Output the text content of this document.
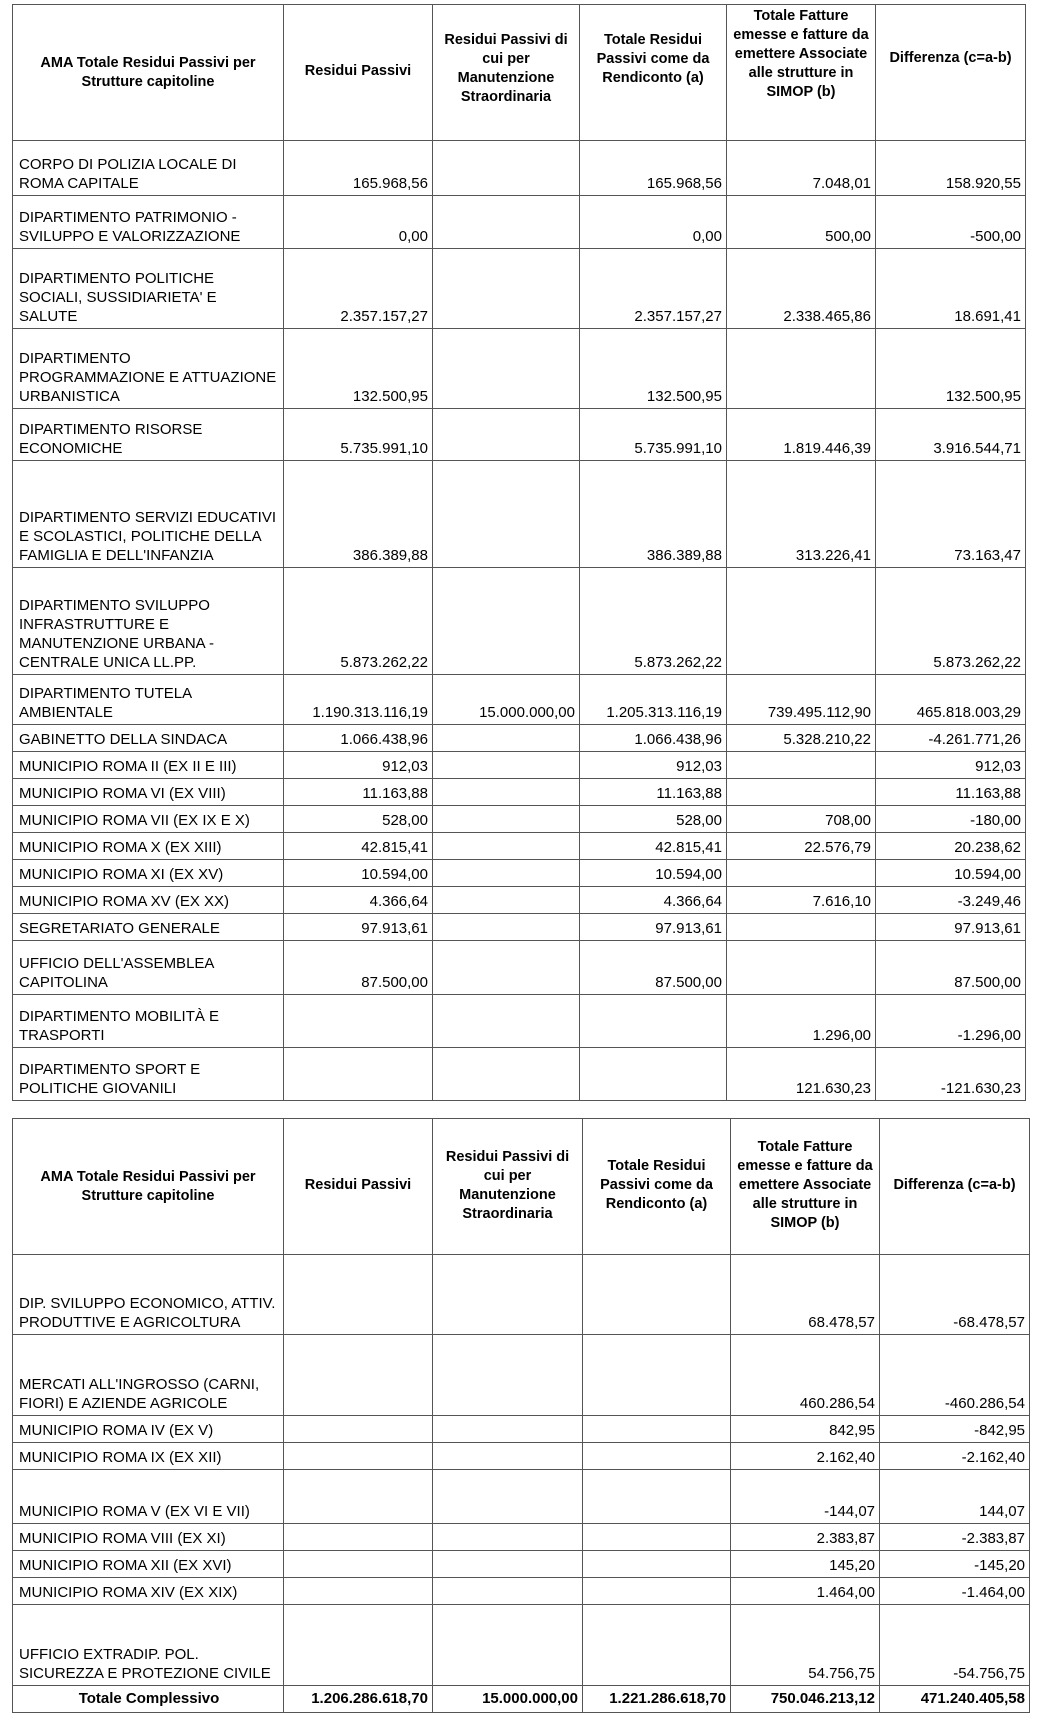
AMA Totale Residui Passivi per Strutture capitoline	Residui Passivi	Residui Passivi di cui per Manutenzione Straordinaria	Totale Residui Passivi come da Rendiconto (a)	Totale Fatture emesse e fatture da emettere Associate alle strutture in SIMOP (b)	Differenza (c=a-b)
CORPO DI POLIZIA LOCALE DI ROMA CAPITALE	165.968,56		165.968,56	7.048,01	158.920,55
DIPARTIMENTO PATRIMONIO - SVILUPPO E VALORIZZAZIONE	0,00		0,00	500,00	-500,00
DIPARTIMENTO POLITICHE SOCIALI, SUSSIDIARIETA' E SALUTE	2.357.157,27		2.357.157,27	2.338.465,86	18.691,41
DIPARTIMENTO PROGRAMMAZIONE E ATTUAZIONE URBANISTICA	132.500,95		132.500,95		132.500,95
DIPARTIMENTO RISORSE ECONOMICHE	5.735.991,10		5.735.991,10	1.819.446,39	3.916.544,71
DIPARTIMENTO SERVIZI EDUCATIVI E SCOLASTICI, POLITICHE DELLA FAMIGLIA E DELL'INFANZIA	386.389,88		386.389,88	313.226,41	73.163,47
DIPARTIMENTO SVILUPPO INFRASTRUTTURE E MANUTENZIONE URBANA - CENTRALE UNICA LL.PP.	5.873.262,22		5.873.262,22		5.873.262,22
DIPARTIMENTO TUTELA AMBIENTALE	1.190.313.116,19	15.000.000,00	1.205.313.116,19	739.495.112,90	465.818.003,29
GABINETTO DELLA SINDACA	1.066.438,96		1.066.438,96	5.328.210,22	-4.261.771,26
MUNICIPIO ROMA II (EX II E III)	912,03		912,03		912,03
MUNICIPIO ROMA VI (EX VIII)	11.163,88		11.163,88		11.163,88
MUNICIPIO ROMA VII (EX IX E X)	528,00		528,00	708,00	-180,00
MUNICIPIO ROMA X (EX XIII)	42.815,41		42.815,41	22.576,79	20.238,62
MUNICIPIO ROMA XI (EX XV)	10.594,00		10.594,00		10.594,00
MUNICIPIO ROMA XV (EX XX)	4.366,64		4.366,64	7.616,10	-3.249,46
SEGRETARIATO GENERALE	97.913,61		97.913,61		97.913,61
UFFICIO DELL'ASSEMBLEA CAPITOLINA	87.500,00		87.500,00		87.500,00
DIPARTIMENTO MOBILITÀ E TRASPORTI				1.296,00	-1.296,00
DIPARTIMENTO SPORT E POLITICHE GIOVANILI				121.630,23	-121.630,23
AMA Totale Residui Passivi per Strutture capitoline	Residui Passivi	Residui Passivi di cui per Manutenzione Straordinaria	Totale Residui Passivi come da Rendiconto (a)	Totale Fatture emesse e fatture da emettere Associate alle strutture in SIMOP (b)	Differenza (c=a-b)
DIP. SVILUPPO ECONOMICO, ATTIV. PRODUTTIVE E AGRICOLTURA				68.478,57	-68.478,57
MERCATI ALL'INGROSSO (CARNI, FIORI) E AZIENDE AGRICOLE				460.286,54	-460.286,54
MUNICIPIO ROMA IV (EX V)				842,95	-842,95
MUNICIPIO ROMA IX (EX XII)				2.162,40	-2.162,40
MUNICIPIO ROMA V (EX VI E VII)				-144,07	144,07
MUNICIPIO ROMA VIII (EX XI)				2.383,87	-2.383,87
MUNICIPIO ROMA XII (EX XVI)				145,20	-145,20
MUNICIPIO ROMA XIV (EX XIX)				1.464,00	-1.464,00
UFFICIO EXTRADIP. POL. SICUREZZA E PROTEZIONE CIVILE				54.756,75	-54.756,75
Totale Complessivo	1.206.286.618,70	15.000.000,00	1.221.286.618,70	750.046.213,12	471.240.405,58
